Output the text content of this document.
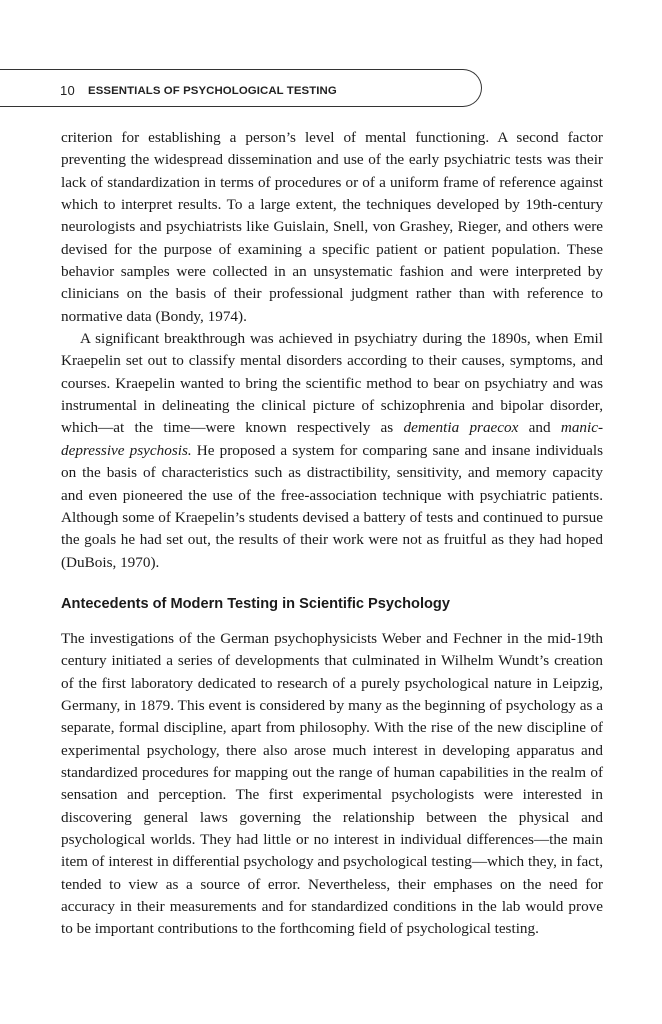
10 ESSENTIALS OF PSYCHOLOGICAL TESTING

criterion for establishing a person’s level of mental functioning. A second factor preventing the widespread dissemination and use of the early psychiatric tests was their lack of standardization in terms of procedures or of a uniform frame of reference against which to interpret results. To a large extent, the techniques developed by 19th-century neurologists and psychiatrists like Guislain, Snell, von Grashey, Rieger, and others were devised for the purpose of examining a specific patient or patient population. These behavior samples were collected in an unsystematic fashion and were interpreted by clinicians on the basis of their professional judgment rather than with reference to normative data (Bondy, 1974).

A significant breakthrough was achieved in psychiatry during the 1890s, when Emil Kraepelin set out to classify mental disorders according to their causes, symptoms, and courses. Kraepelin wanted to bring the scientific method to bear on psychiatry and was instrumental in delineating the clinical picture of schizophrenia and bipolar disorder, which—at the time—were known respectively as dementia praecox and manic-depressive psychosis. He proposed a system for comparing sane and insane individuals on the basis of characteristics such as distractibility, sensitivity, and memory capacity and even pioneered the use of the free-association technique with psychiatric patients. Although some of Kraepelin’s students devised a battery of tests and continued to pursue the goals he had set out, the results of their work were not as fruitful as they had hoped (DuBois, 1970).

Antecedents of Modern Testing in Scientific Psychology

The investigations of the German psychophysicists Weber and Fechner in the mid-19th century initiated a series of developments that culminated in Wilhelm Wundt’s creation of the first laboratory dedicated to research of a purely psychological nature in Leipzig, Germany, in 1879. This event is considered by many as the beginning of psychology as a separate, formal discipline, apart from philosophy. With the rise of the new discipline of experimental psychology, there also arose much interest in developing apparatus and standardized procedures for mapping out the range of human capabilities in the realm of sensation and perception. The first experimental psychologists were interested in discovering general laws governing the relationship between the physical and psychological worlds. They had little or no interest in individual differences—the main item of interest in differential psychology and psychological testing—which they, in fact, tended to view as a source of error. Nevertheless, their emphases on the need for accuracy in their measurements and for standardized conditions in the lab would prove to be important contributions to the forthcoming field of psychological testing.
